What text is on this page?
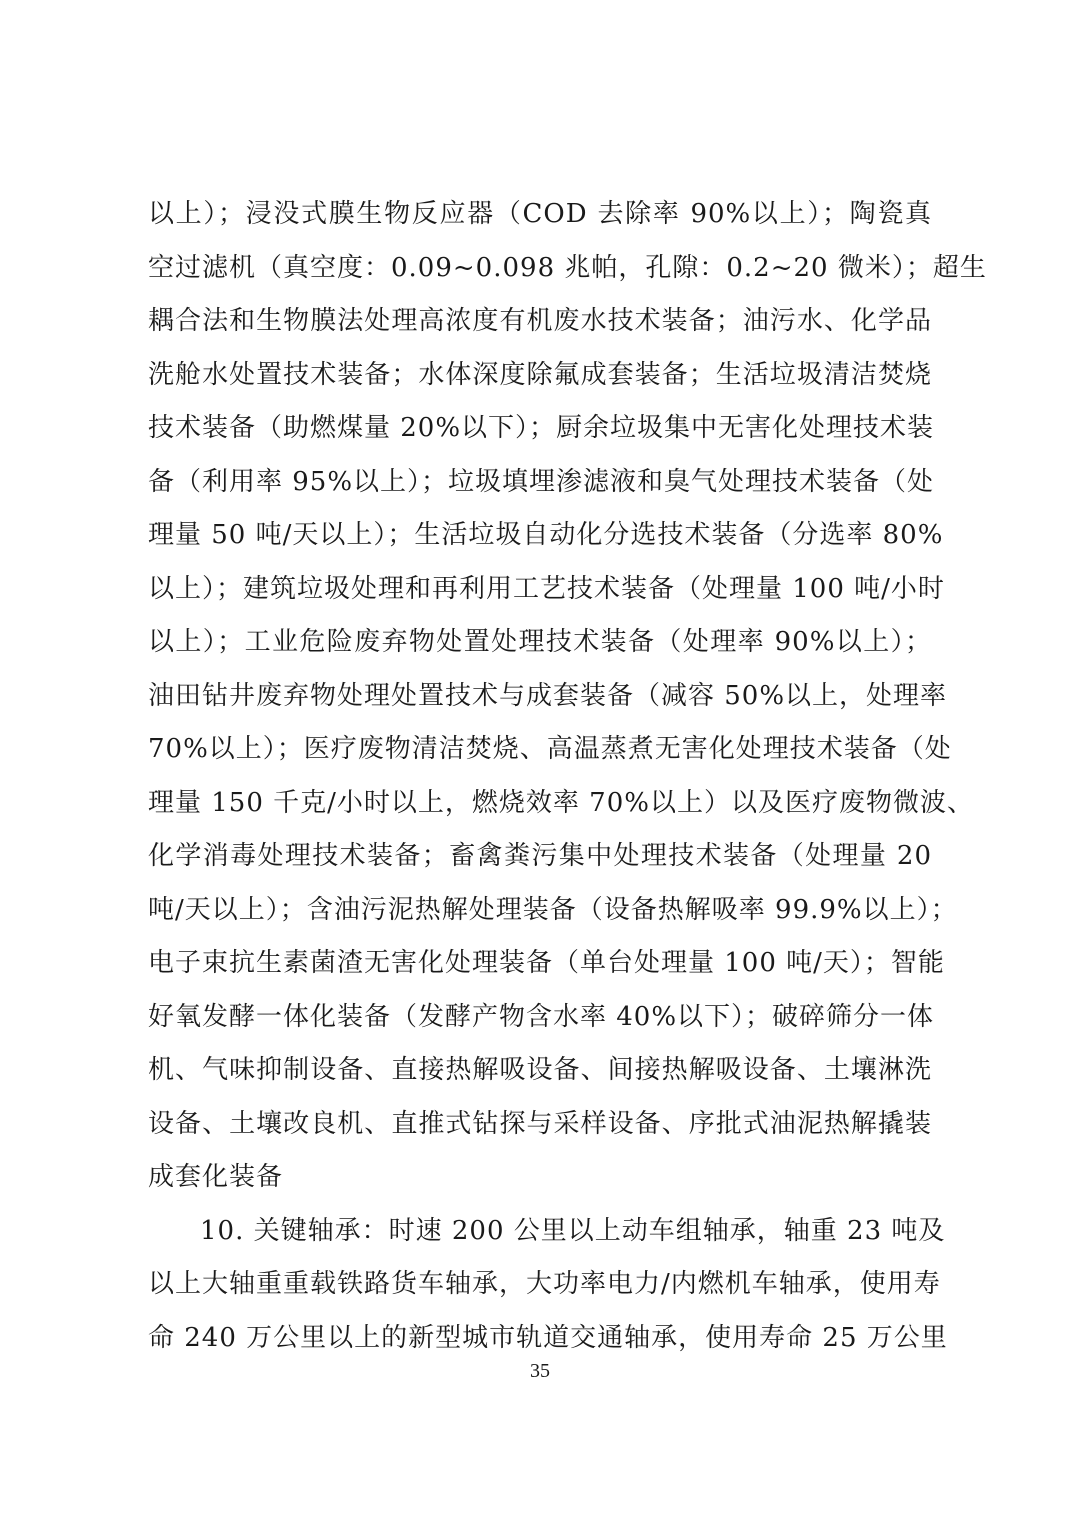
以上）；浸没式膜生物反应器（COD 去除率 90%以上）；陶瓷真
空过滤机（真空度：0.09~0.098 兆帕，孔隙：0.2~20 微米）；超生
耦合法和生物膜法处理高浓度有机废水技术装备；油污水、化学品
洗舱水处置技术装备；水体深度除氟成套装备；生活垃圾清洁焚烧
技术装备（助燃煤量 20%以下）；厨余垃圾集中无害化处理技术装
备（利用率 95%以上）；垃圾填埋渗滤液和臭气处理技术装备（处
理量 50 吨/天以上）；生活垃圾自动化分选技术装备（分选率 80%
以上）；建筑垃圾处理和再利用工艺技术装备（处理量 100 吨/小时
以上）；工业危险废弃物处置处理技术装备（处理率 90%以上）；
油田钻井废弃物处理处置技术与成套装备（减容 50%以上，处理率
70%以上）；医疗废物清洁焚烧、高温蒸煮无害化处理技术装备（处
理量 150 千克/小时以上，燃烧效率 70%以上）以及医疗废物微波、
化学消毒处理技术装备；畜禽粪污集中处理技术装备（处理量 20
吨/天以上）；含油污泥热解处理装备（设备热解吸率 99.9%以上）；
电子束抗生素菌渣无害化处理装备（单台处理量 100 吨/天）；智能
好氧发酵一体化装备（发酵产物含水率 40%以下）；破碎筛分一体
机、气味抑制设备、直接热解吸设备、间接热解吸设备、土壤淋洗
设备、土壤改良机、直推式钻探与采样设备、序批式油泥热解撬装
成套化装备
10. 关键轴承：时速 200 公里以上动车组轴承，轴重 23 吨及
以上大轴重重载铁路货车轴承，大功率电力/内燃机车轴承，使用寿
命 240 万公里以上的新型城市轨道交通轴承，使用寿命 25 万公里
35
